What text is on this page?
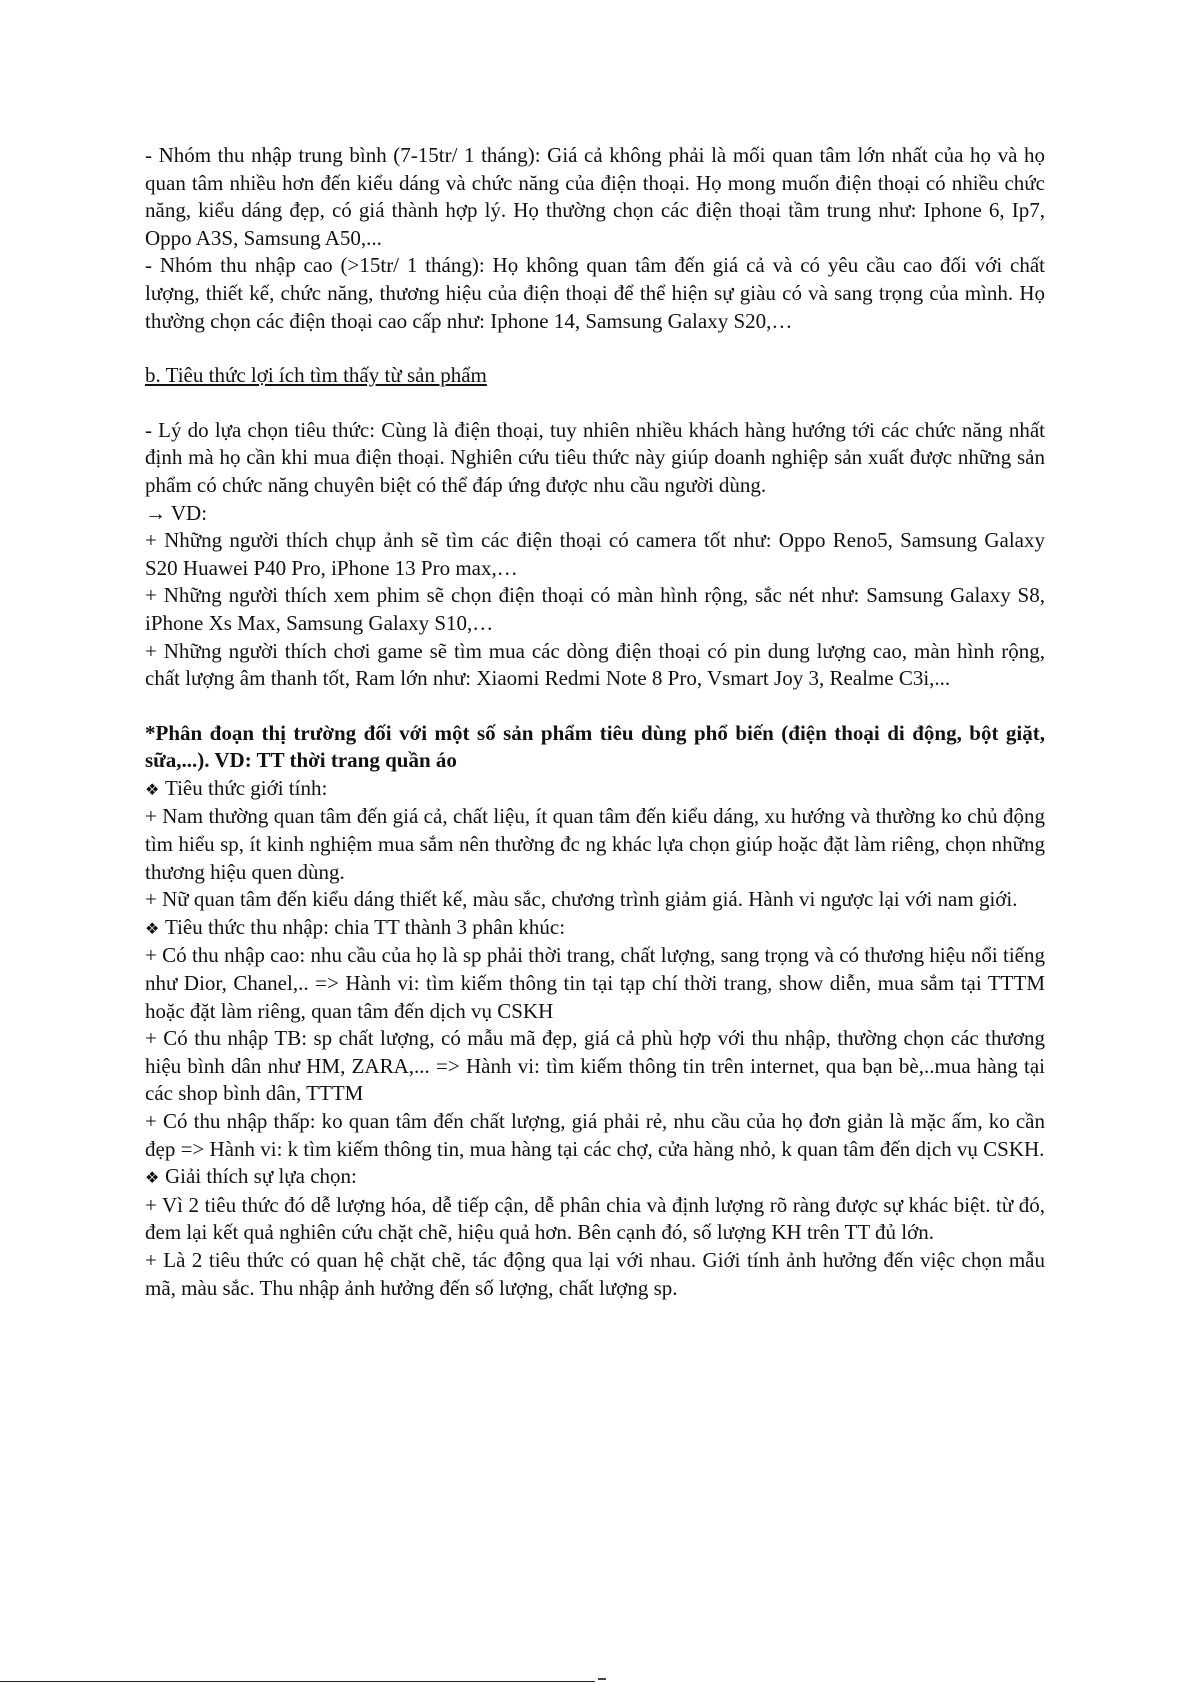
- Nhóm thu nhập trung bình (7-15tr/ 1 tháng): Giá cả không phải là mối quan tâm lớn nhất của họ và họ quan tâm nhiều hơn đến kiểu dáng và chức năng của điện thoại. Họ mong muốn điện thoại có nhiều chức năng, kiểu dáng đẹp, có giá thành hợp lý. Họ thường chọn các điện thoại tầm trung như: Iphone 6, Ip7, Oppo A3S, Samsung A50,...

- Nhóm thu nhập cao (>15tr/ 1 tháng): Họ không quan tâm đến giá cả và có yêu cầu cao đối với chất lượng, thiết kế, chức năng, thương hiệu của điện thoại để thể hiện sự giàu có và sang trọng của mình. Họ thường chọn các điện thoại cao cấp như: Iphone 14, Samsung Galaxy S20,…

b. Tiêu thức lợi ích tìm thấy từ sản phẩm

- Lý do lựa chọn tiêu thức: Cùng là điện thoại, tuy nhiên nhiều khách hàng hướng tới các chức năng nhất định mà họ cần khi mua điện thoại. Nghiên cứu tiêu thức này giúp doanh nghiệp sản xuất được những sản phẩm có chức năng chuyên biệt có thể đáp ứng được nhu cầu người dùng.

→ VD:

+ Những người thích chụp ảnh sẽ tìm các điện thoại có camera tốt như: Oppo Reno5, Samsung Galaxy S20 Huawei P40 Pro, iPhone 13 Pro max,…

+ Những người thích xem phim sẽ chọn điện thoại có màn hình rộng, sắc nét như: Samsung Galaxy S8, iPhone Xs Max, Samsung Galaxy S10,…

+ Những người thích chơi game sẽ tìm mua các dòng điện thoại có pin dung lượng cao, màn hình rộng, chất lượng âm thanh tốt, Ram lớn như: Xiaomi Redmi Note 8 Pro, Vsmart Joy 3, Realme C3i,...

*Phân đoạn thị trường đối với một số sản phẩm tiêu dùng phổ biến (điện thoại di động, bột giặt, sữa,...). VD: TT thời trang quần áo

❖ Tiêu thức giới tính:

+ Nam thường quan tâm đến giá cả, chất liệu, ít quan tâm đến kiểu dáng, xu hướng và thường ko chủ động tìm hiểu sp, ít kinh nghiệm mua sắm nên thường đc ng khác lựa chọn giúp hoặc đặt làm riêng, chọn những thương hiệu quen dùng.

+ Nữ quan tâm đến kiểu dáng thiết kế, màu sắc, chương trình giảm giá. Hành vi ngược lại với nam giới.

❖ Tiêu thức thu nhập: chia TT thành 3 phân khúc:

+ Có thu nhập cao: nhu cầu của họ là sp phải thời trang, chất lượng, sang trọng và có thương hiệu nổi tiếng như Dior, Chanel,.. => Hành vi: tìm kiếm thông tin tại tạp chí thời trang, show diễn, mua sắm tại TTTM hoặc đặt làm riêng, quan tâm đến dịch vụ CSKH

+ Có thu nhập TB: sp chất lượng, có mẫu mã đẹp, giá cả phù hợp với thu nhập, thường chọn các thương hiệu bình dân như HM, ZARA,... => Hành vi: tìm kiếm thông tin trên internet, qua bạn bè,..mua hàng tại các shop bình dân, TTTM

+ Có thu nhập thấp: ko quan tâm đến chất lượng, giá phải rẻ, nhu cầu của họ đơn giản là mặc ấm, ko cần đẹp => Hành vi: k tìm kiếm thông tin, mua hàng tại các chợ, cửa hàng nhỏ, k quan tâm đến dịch vụ CSKH.

❖ Giải thích sự lựa chọn:

+ Vì 2 tiêu thức đó dễ lượng hóa, dễ tiếp cận, dễ phân chia và định lượng rõ ràng được sự khác biệt. từ đó, đem lại kết quả nghiên cứu chặt chẽ, hiệu quả hơn. Bên cạnh đó, số lượng KH trên TT đủ lớn.

+ Là 2 tiêu thức có quan hệ chặt chẽ, tác động qua lại với nhau. Giới tính ảnh hưởng đến việc chọn mẫu mã, màu sắc. Thu nhập ảnh hưởng đến số lượng, chất lượng sp.
